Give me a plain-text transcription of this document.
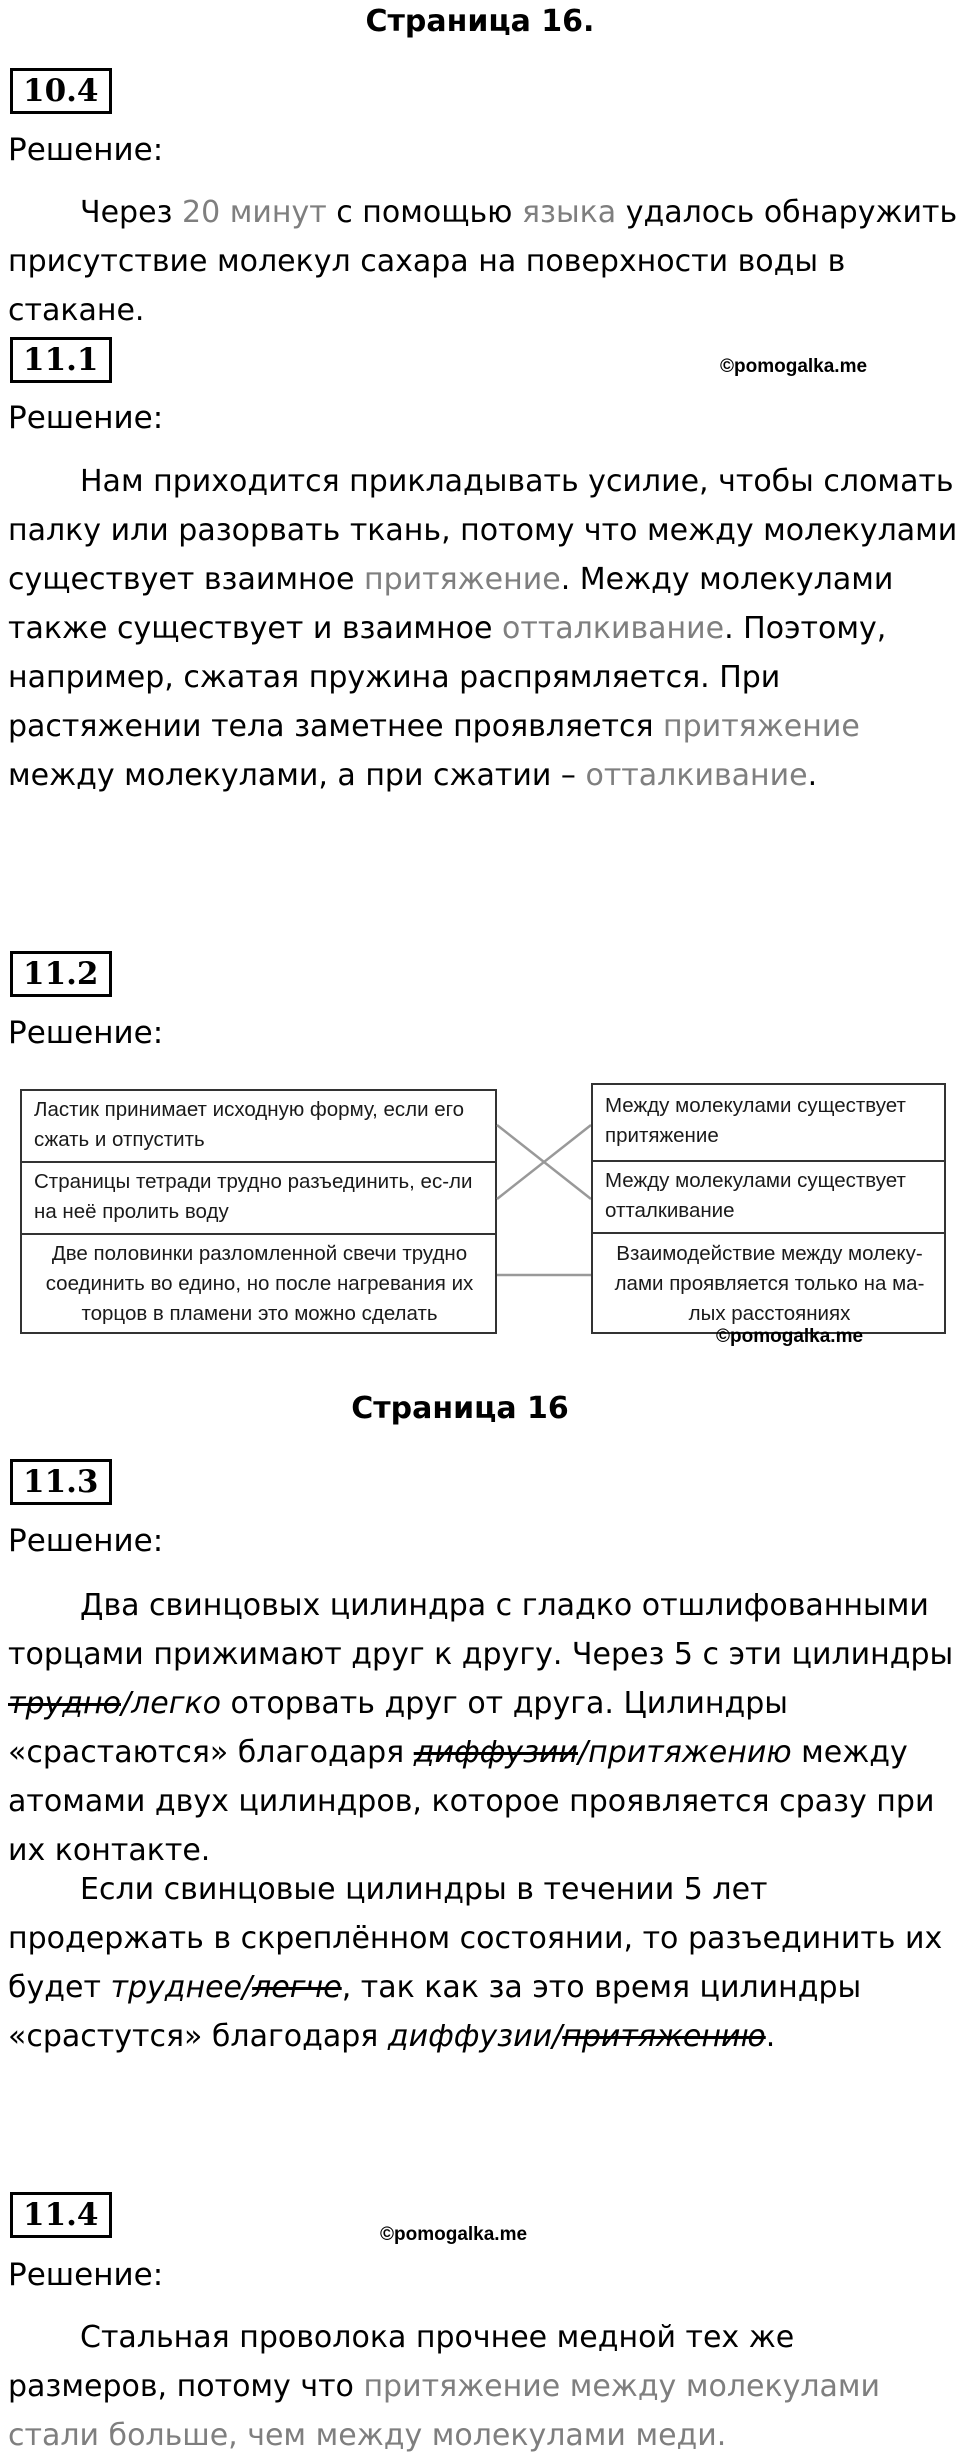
Страница 16.
10.4
Решение:

Через 20 минут с помощью языка удалось обнаружить присутствие молекул сахара на поверхности воды в стакане.

11.1	©pomogalka.me
Решение:

Нам приходится прикладывать усилие, чтобы сломать палку или разорвать ткань, потому что между молекулами существует взаимное притяжение. Между молекулами также существует и взаимное отталкивание. Поэтому, например, сжатая пружина распрямляется. При растяжении тела заметнее проявляется притяжение между молекулами, а при сжатии – отталкивание.

11.2
Решение:
Ластик принимает исходную форму, если его сжать и отпустить
Страницы тетради трудно разъединить, ес-ли на неё пролить воду
Две половинки разломленной свечи трудно соединить во едино, но после нагревания их торцов в пламени это можно сделать
Между молекулами существует притяжение
Между молекулами существует отталкивание
Взаимодействие между молеку-лами проявляется только на ма-лых расстояниях
©pomogalka.me
Страница 16
11.3
Решение:

Два свинцовых цилиндра с гладко отшлифованными торцами прижимают друг к другу. Через 5 с эти цилиндры трудно/легко оторвать друг от друга. Цилиндры «срастаются» благодаря диффузии/притяжению между атомами двух цилиндров, которое проявляется сразу при их контакте.

Если свинцовые цилиндры в течении 5 лет продержать в скреплённом состоянии, то разъединить их будет труднее/легче, так как за это время цилиндры «срастутся» благодаря диффузии/притяжению.

11.4
©pomogalka.me
Решение:

Стальная проволока прочнее медной тех же размеров, потому что притяжение между молекулами стали больше, чем между молекулами меди.
